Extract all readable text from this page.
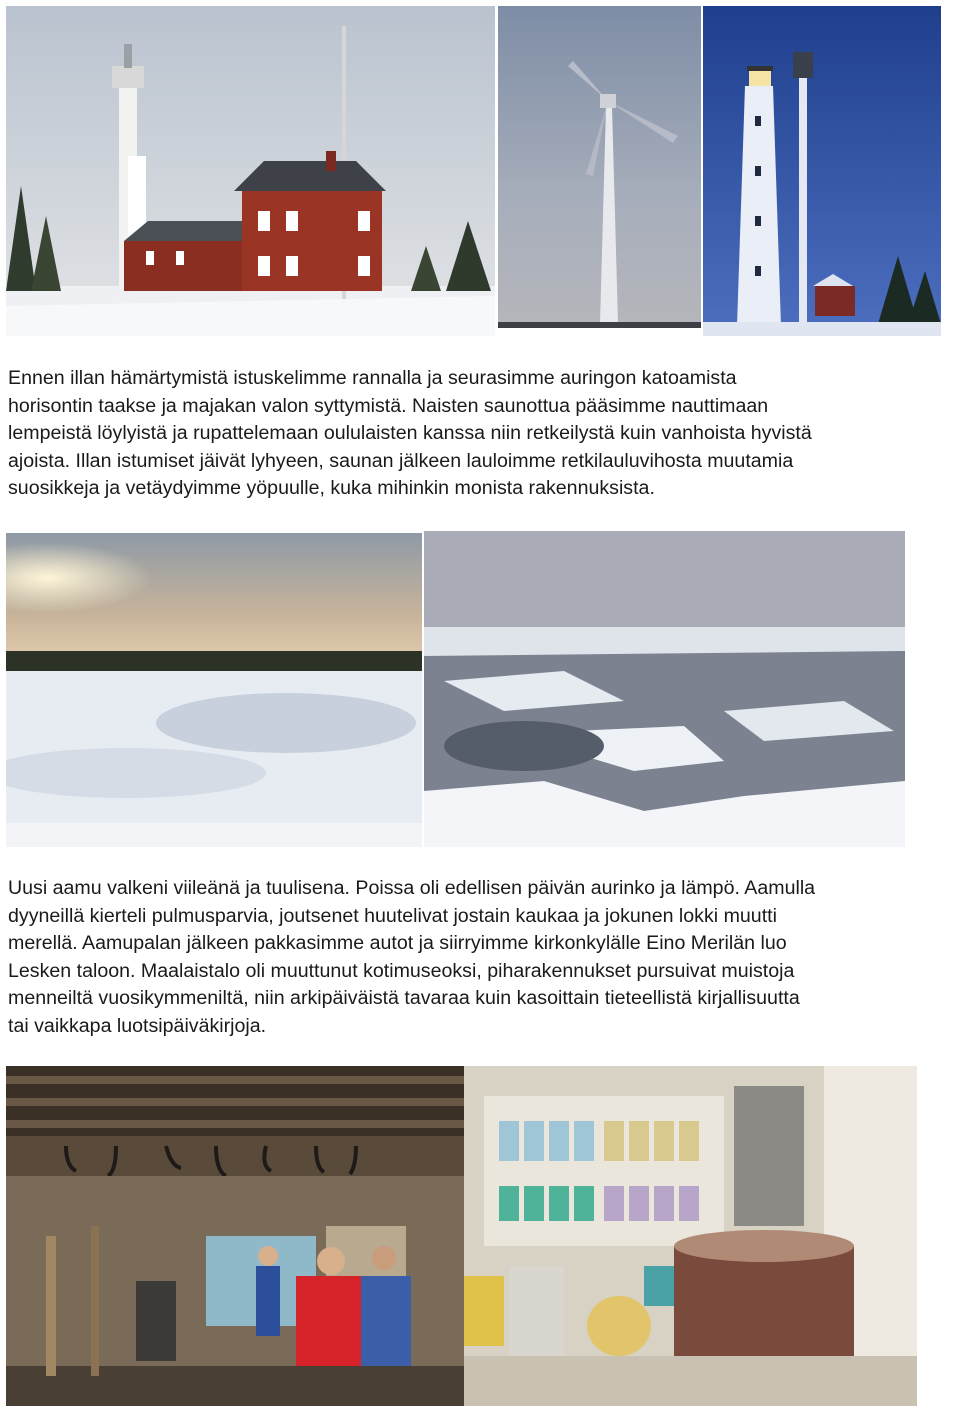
Ennen illan hämärtymistä istuskelimme rannalla ja seurasimme auringon katoamista
horisontin taakse ja majakan valon syttymistä. Naisten saunottua pääsimme nauttimaan
lempeistä löylyistä ja rupattelemaan oululaisten kanssa niin retkeilystä kuin vanhoista hyvistä
ajoista. Illan istumiset jäivät lyhyeen, saunan jälkeen lauloimme retkilauluvihosta muutamia
suosikkeja ja vetäydyimme yöpuulle, kuka mihinkin monista rakennuksista.
Uusi aamu valkeni viileänä ja tuulisena. Poissa oli edellisen päivän aurinko ja lämpö. Aamulla
dyyneillä kierteli pulmusparvia, joutsenet huutelivat jostain kaukaa ja jokunen lokki muutti
merellä. Aamupalan jälkeen pakkasimme autot ja siirryimme kirkonkylälle Eino Merilän luo
Lesken taloon. Maalaistalo oli muuttunut kotimuseoksi, piharakennukset pursuivat muistoja
menneiltä vuosikymmeniltä, niin arkipäiväistä tavaraa kuin kasoittain tieteellistä kirjallisuutta
tai vaikkapa luotsipäiväkirjoja.
